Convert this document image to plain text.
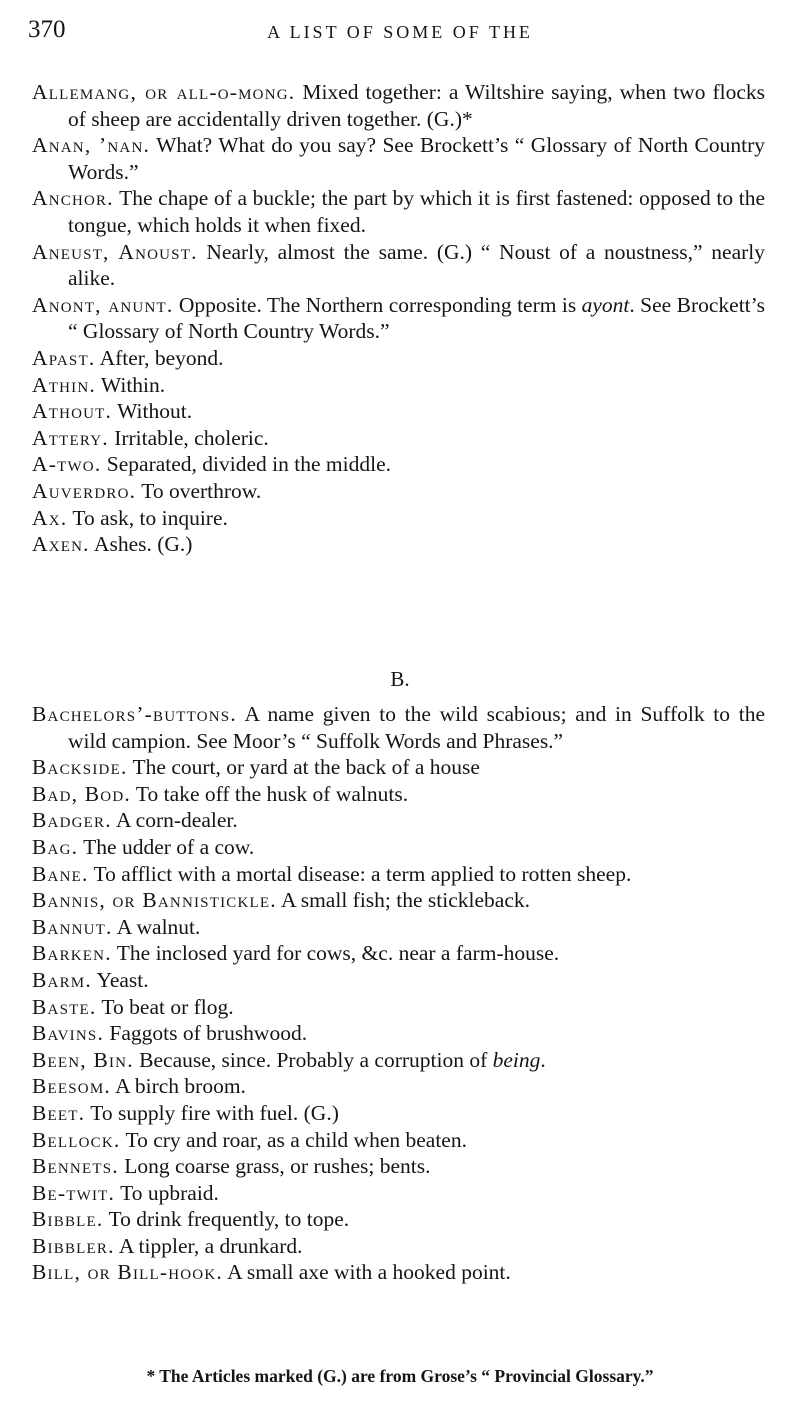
370	A LIST OF SOME OF THE
Allemang, or all-o-mong. Mixed together: a Wiltshire saying, when two flocks of sheep are accidentally driven together. (G.)*
Anan, ’nan. What? What do you say? See Brockett’s “ Glossary of North Country Words.”
Anchor. The chape of a buckle; the part by which it is first fastened: opposed to the tongue, which holds it when fixed.
Aneust, Anoust. Nearly, almost the same. (G.) “ Noust of a noustness,” nearly alike.
Anont, anunt. Opposite. The Northern corresponding term is ayont. See Brockett’s “ Glossary of North Country Words.”
Apast. After, beyond.
Athin. Within.
Athout. Without.
Attery. Irritable, choleric.
A-two. Separated, divided in the middle.
Auverdro. To overthrow.
Ax. To ask, to inquire.
Axen. Ashes. (G.)
B.
Bachelors’-buttons. A name given to the wild scabious; and in Suffolk to the wild campion. See Moor’s “ Suffolk Words and Phrases.”
Backside. The court, or yard at the back of a house
Bad, Bod. To take off the husk of walnuts.
Badger. A corn-dealer.
Bag. The udder of a cow.
Bane. To afflict with a mortal disease: a term applied to rotten sheep.
Bannis, or Bannistickle. A small fish; the stickleback.
Bannut. A walnut.
Barken. The inclosed yard for cows, &c. near a farm-house.
Barm. Yeast.
Baste. To beat or flog.
Bavins. Faggots of brushwood.
Been, Bin. Because, since. Probably a corruption of being.
Beesom. A birch broom.
Beet. To supply fire with fuel. (G.)
Bellock. To cry and roar, as a child when beaten.
Bennets. Long coarse grass, or rushes; bents.
Be-twit. To upbraid.
Bibble. To drink frequently, to tope.
Bibbler. A tippler, a drunkard.
Bill, or Bill-hook. A small axe with a hooked point.
* The Articles marked (G.) are from Grose’s “ Provincial Glossary.”
